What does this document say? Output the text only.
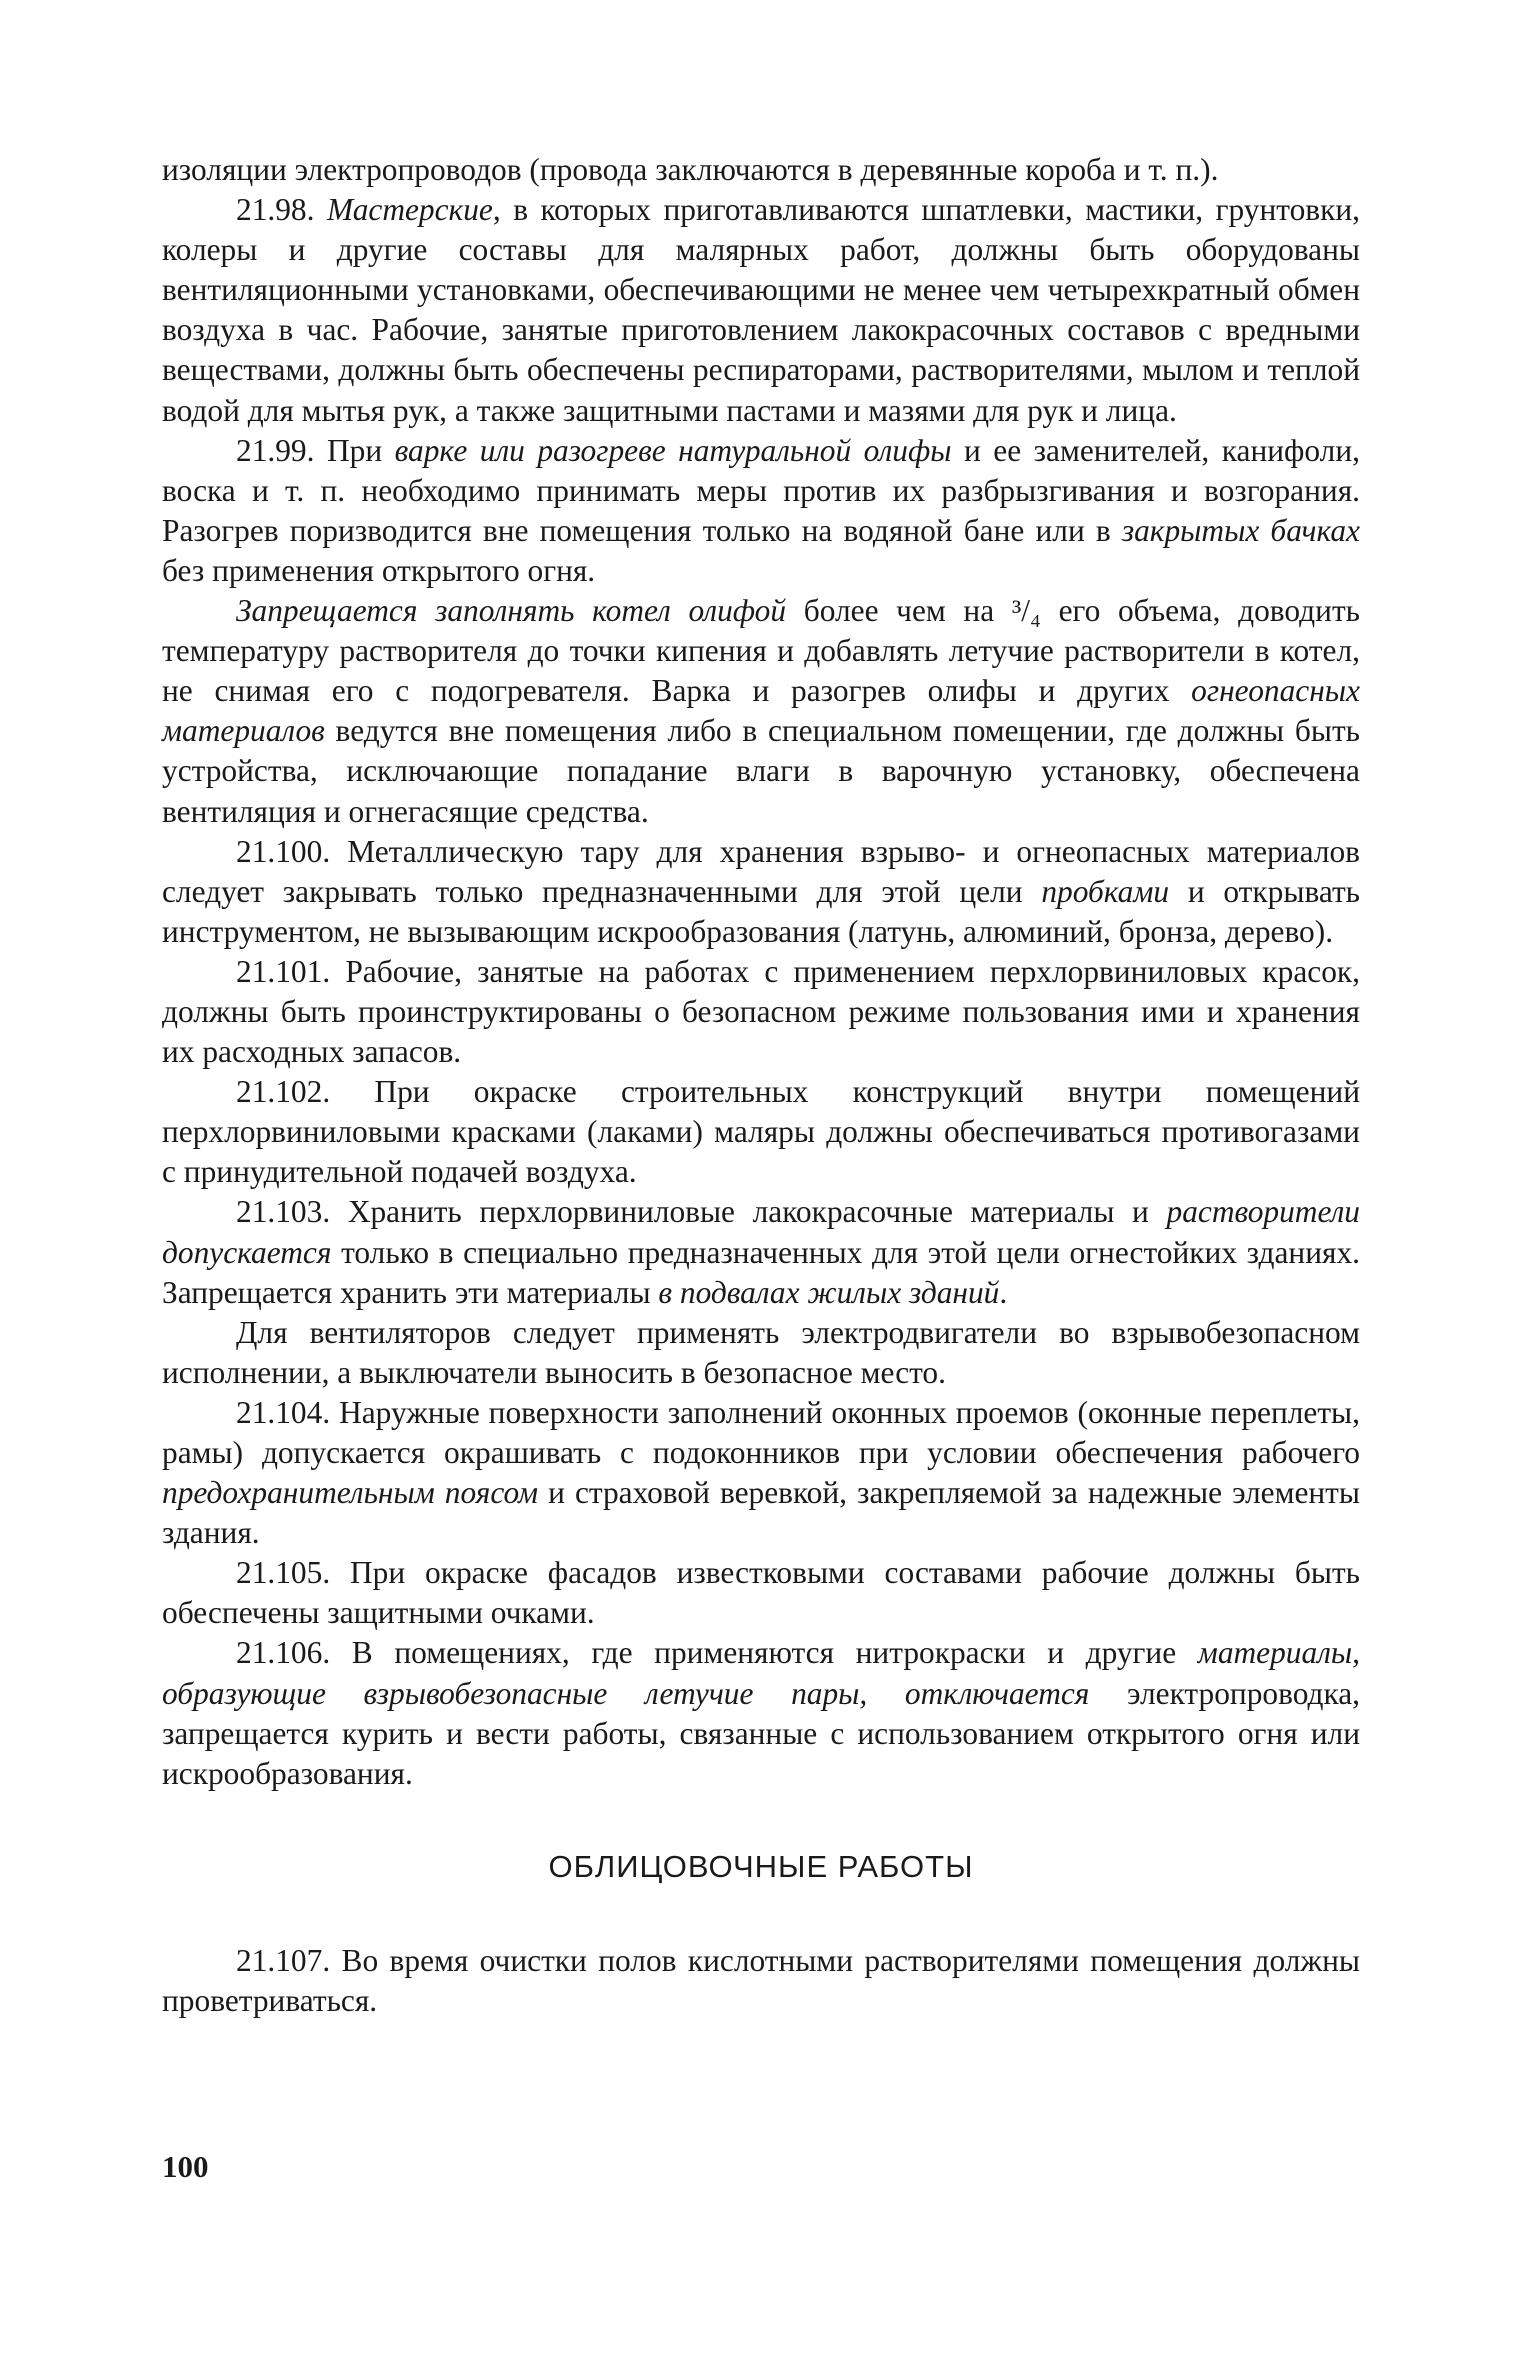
изоляции электропроводов (провода заключаются в деревянные короба и т. п.).

21.98. Мастерские, в которых приготавливаются шпатлевки, мастики, грунтовки, колеры и другие составы для малярных работ, должны быть оборудованы вентиляционными установками, обеспечивающими не менее чем четырехкратный обмен воздуха в час. Рабочие, занятые приготовлением лакокрасочных составов с вредными веществами, должны быть обеспечены респираторами, растворителями, мылом и теплой водой для мытья рук, а также защитными пастами и мазями для рук и лица.

21.99. При варке или разогреве натуральной олифы и ее заменителей, канифоли, воска и т. п. необходимо принимать меры против их разбрызгивания и возгорания. Разогрев поризводится вне помещения только на водяной бане или в закрытых бачках без применения открытого огня.

Запрещается заполнять котел олифой более чем на ³/₄ его объема, доводить температуру растворителя до точки кипения и добавлять летучие растворители в котел, не снимая его с подогревателя. Варка и разогрев олифы и других огнеопасных материалов ведутся вне помещения либо в специальном помещении, где должны быть устройства, исключающие попадание влаги в варочную установку, обеспечена вентиляция и огнегасящие средства.

21.100. Металлическую тару для хранения взрыво- и огнеопасных материалов следует закрывать только предназначенными для этой цели пробками и открывать инструментом, не вызывающим искрообразования (латунь, алюминий, бронза, дерево).

21.101. Рабочие, занятые на работах с применением перхлорвиниловых красок, должны быть проинструктированы о безопасном режиме пользования ими и хранения их расходных запасов.

21.102. При окраске строительных конструкций внутри помещений перхлорвиниловыми красками (лаками) маляры должны обеспечиваться противогазами с принудительной подачей воздуха.

21.103. Хранить перхлорвиниловые лакокрасочные материалы и растворители допускается только в специально предназначенных для этой цели огнестойких зданиях. Запрещается хранить эти материалы в подвалах жилых зданий.

Для вентиляторов следует применять электродвигатели во взрывобезопасном исполнении, а выключатели выносить в безопасное место.

21.104. Наружные поверхности заполнений оконных проемов (оконные переплеты, рамы) допускается окрашивать с подоконников при условии обеспечения рабочего предохранительным поясом и страховой веревкой, закрепляемой за надежные элементы здания.

21.105. При окраске фасадов известковыми составами рабочие должны быть обеспечены защитными очками.

21.106. В помещениях, где применяются нитрокраски и другие материалы, образующие взрывобезопасные летучие пары, отключается электропроводка, запрещается курить и вести работы, связанные с использованием открытого огня или искрообразования.

ОБЛИЦОВОЧНЫЕ РАБОТЫ

21.107. Во время очистки полов кислотными растворителями помещения должны проветриваться.

100
